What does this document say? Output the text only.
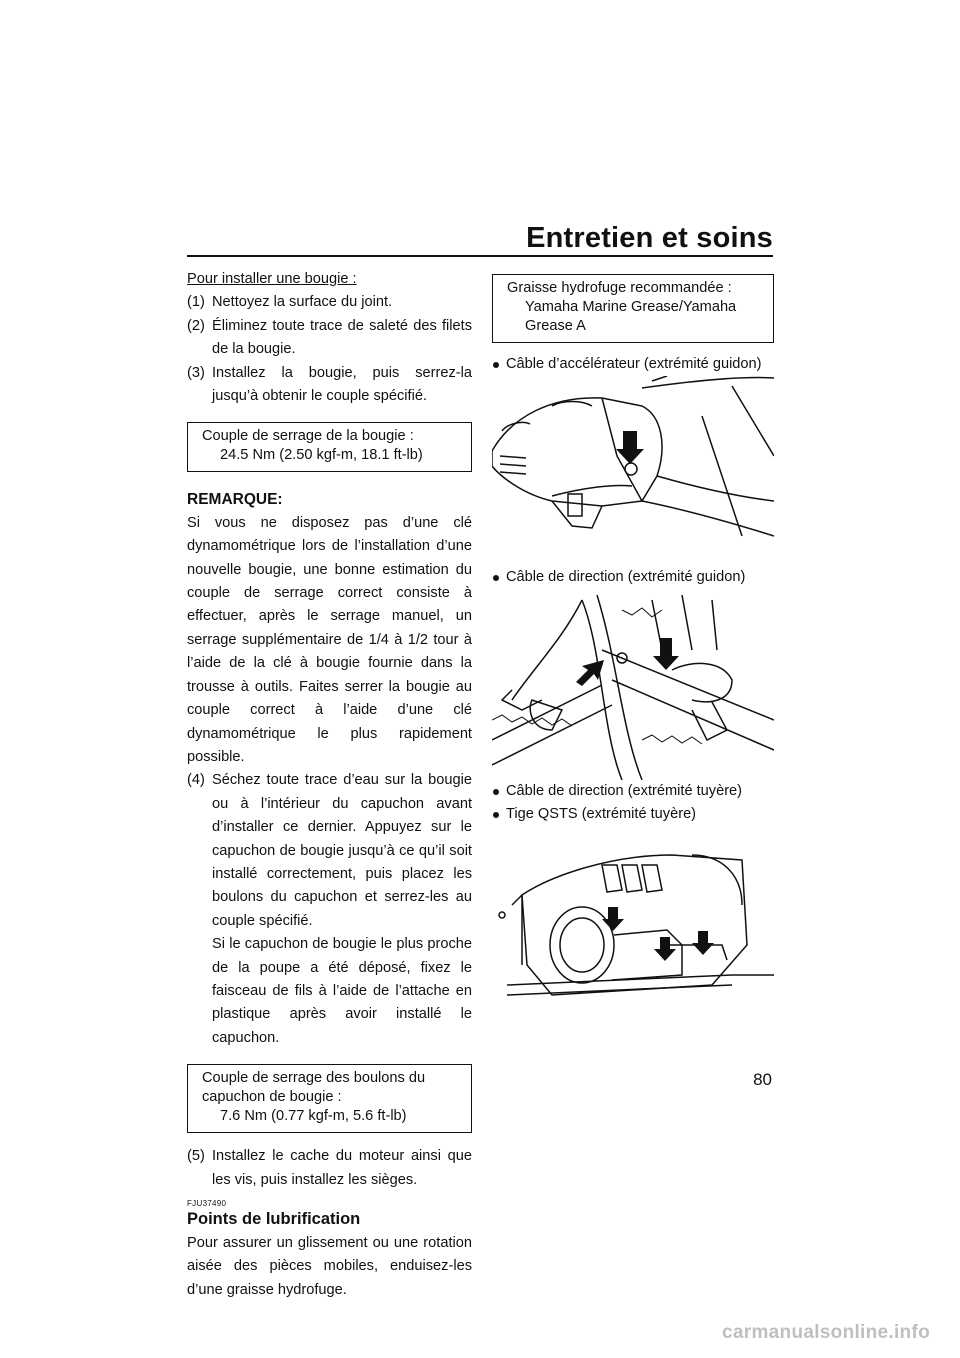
Entretien et soins

Pour installer une bougie :

(1) Nettoyez la surface du joint.

(2) Éliminez toute trace de saleté des filets de la bougie.

(3) Installez la bougie, puis serrez-la jusqu’à obtenir le couple spécifié.

Couple de serrage de la bougie :
24.5 Nm (2.50 kgf-m, 18.1 ft-lb)

REMARQUE:

Si vous ne disposez pas d’une clé dynamométrique lors de l’installation d’une nouvelle bougie, une bonne estimation du couple de serrage correct consiste à effectuer, après le serrage manuel, un serrage supplémentaire de 1/4 à 1/2 tour à l’aide de la clé à bougie fournie dans la trousse à outils. Faites serrer la bougie au couple correct à l’aide d’une clé dynamométrique le plus rapidement possible.

(4) Séchez toute trace d’eau sur la bougie ou à l’intérieur du capuchon avant d’installer ce dernier. Appuyez sur le capuchon de bougie jusqu’à ce qu’il soit installé correctement, puis placez les boulons du capuchon et serrez-les au couple spécifié.

Si le capuchon de bougie le plus proche de la poupe a été déposé, fixez le faisceau de fils à l’aide de l’attache en plastique après avoir installé le capuchon.

Couple de serrage des boulons du capuchon de bougie :
7.6 Nm (0.77 kgf-m, 5.6 ft-lb)

(5) Installez le cache du moteur ainsi que les vis, puis installez les sièges.

FJU37490

Points de lubrification

Pour assurer un glissement ou une rotation aisée des pièces mobiles, enduisez-les d’une graisse hydrofuge.

Graisse hydrofuge recommandée :
Yamaha Marine Grease/Yamaha Grease A

Câble d’accélérateur (extrémité guidon)

Câble de direction (extrémité guidon)

Câble de direction (extrémité tuyère)

Tige QSTS (extrémité tuyère)

80
carmanualsonline.info
